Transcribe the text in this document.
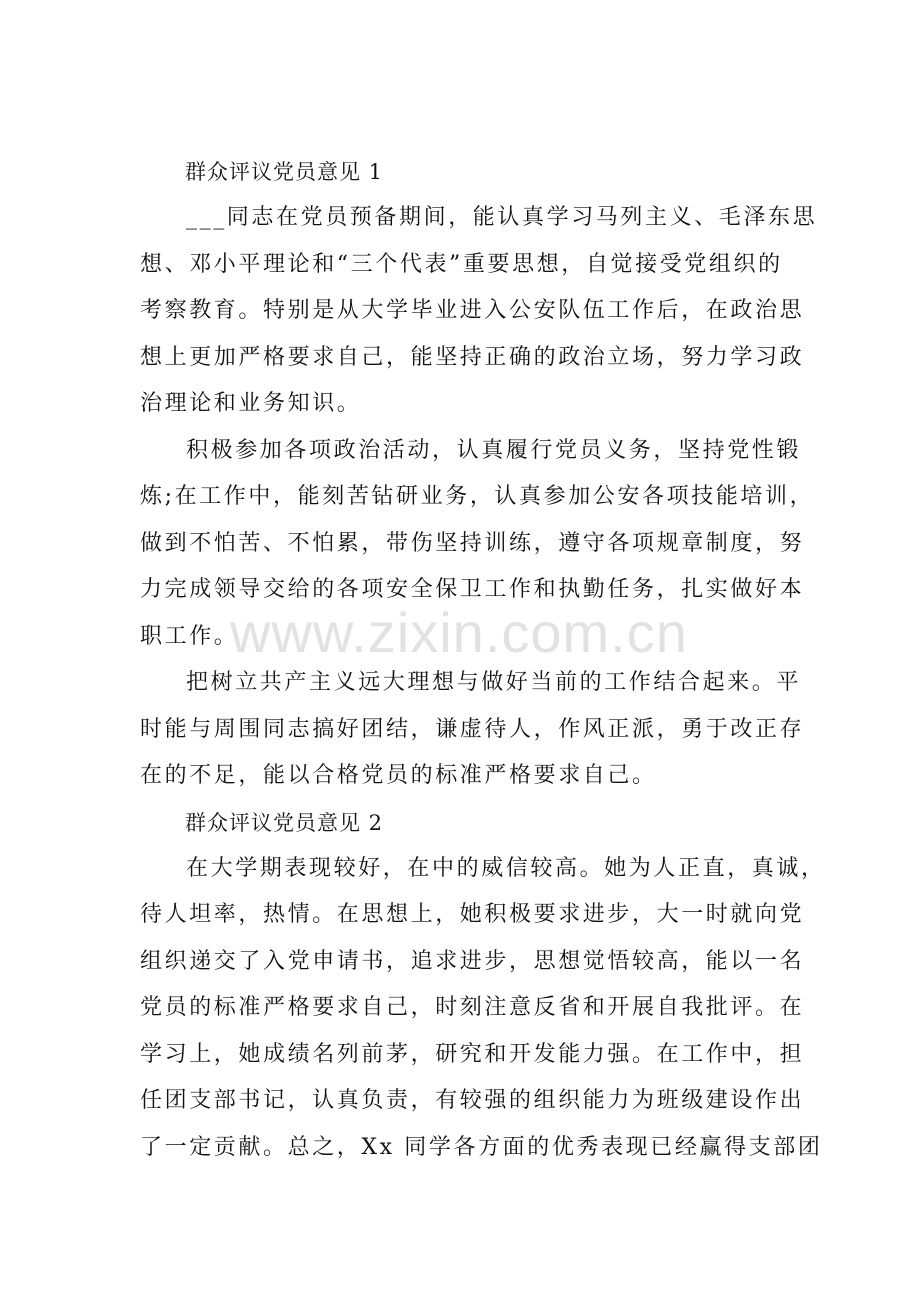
群众评议党员意见 1

___同志在党员预备期间，能认真学习马列主义、毛泽东思
想、邓小平理论和“三个代表”重要思想，自觉接受党组织的
考察教育。特别是从大学毕业进入公安队伍工作后，在政治思
想上更加严格要求自己，能坚持正确的政治立场，努力学习政
治理论和业务知识。
积极参加各项政治活动，认真履行党员义务，坚持党性锻
炼;在工作中，能刻苦钻研业务，认真参加公安各项技能培训，
做到不怕苦、不怕累，带伤坚持训练，遵守各项规章制度，努
力完成领导交给的各项安全保卫工作和执勤任务，扎实做好本
职工作。
把树立共产主义远大理想与做好当前的工作结合起来。平
时能与周围同志搞好团结，谦虚待人，作风正派，勇于改正存
在的不足，能以合格党员的标准严格要求自己。

群众评议党员意见 2

在大学期表现较好，在中的威信较高。她为人正直，真诚，
待人坦率，热情。在思想上，她积极要求进步，大一时就向党
组织递交了入党申请书，追求进步，思想觉悟较高，能以一名
党员的标准严格要求自己，时刻注意反省和开展自我批评。在
学习上，她成绩名列前茅，研究和开发能力强。在工作中，担
任团支部书记，认真负责，有较强的组织能力为班级建设作出
了一定贡献。总之，Xx 同学各方面的优秀表现已经赢得支部团
www.zixin.com.cn
